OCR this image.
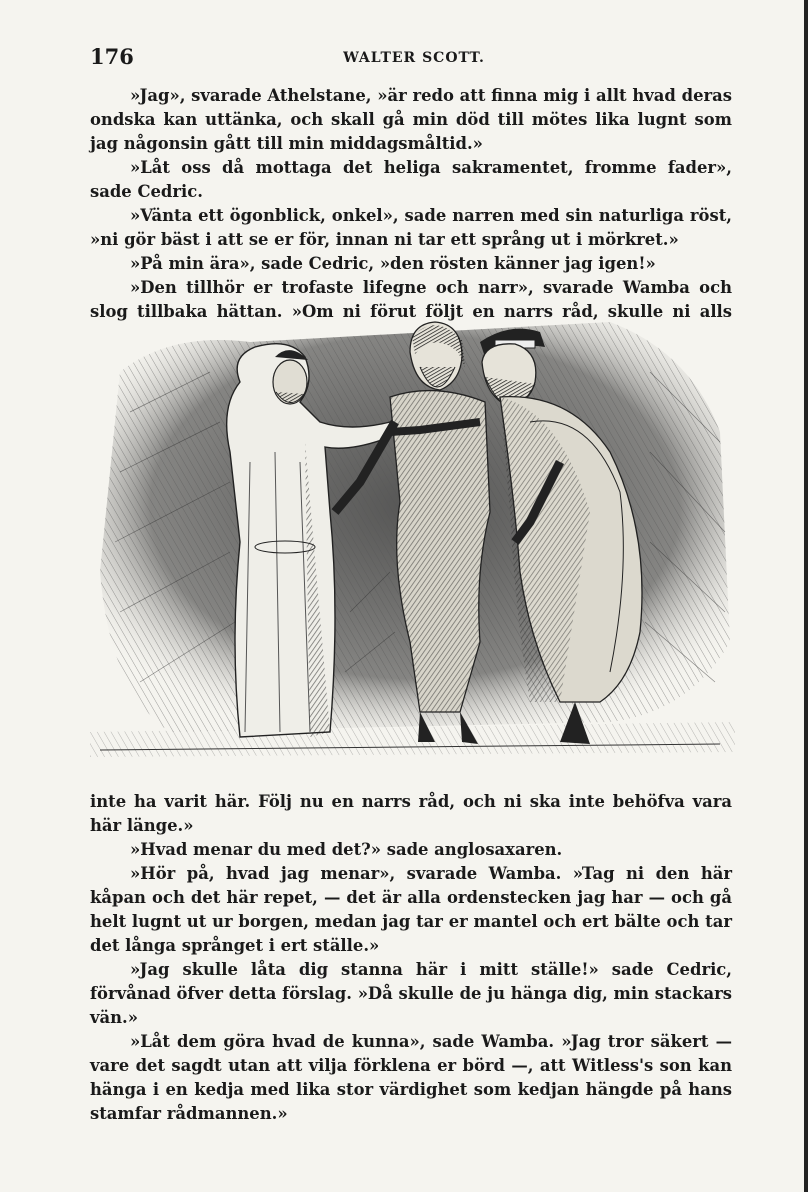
176	WALTER SCOTT.

»Jag», svarade Athelstane, »är redo att finna mig i allt hvad deras ondska kan uttänka, och skall gå min död till mötes lika lugnt som jag någonsin gått till min middagsmåltid.»

»Låt oss då mottaga det heliga sakramentet, fromme fader», sade Cedric.

»Vänta ett ögonblick, onkel», sade narren med sin naturliga röst, »ni gör bäst i att se er för, innan ni tar ett språng ut i mörkret.»

»På min ära», sade Cedric, »den rösten känner jag igen!»

»Den tillhör er trofaste lifegne och narr», svarade Wamba och slog tillbaka hättan. »Om ni förut följt en narrs råd, skulle ni alls

inte ha varit här. Följ nu en narrs råd, och ni ska inte behöfva vara här länge.»

»Hvad menar du med det?» sade anglosaxaren.

»Hör på, hvad jag menar», svarade Wamba. »Tag ni den här kåpan och det här repet, — det är alla ordenstecken jag har — och gå helt lugnt ut ur borgen, medan jag tar er mantel och ert bälte och tar det långa språnget i ert ställe.»

»Jag skulle låta dig stanna här i mitt ställe!» sade Cedric, förvånad öfver detta förslag. »Då skulle de ju hänga dig, min stackars vän.»

»Låt dem göra hvad de kunna», sade Wamba. »Jag tror säkert — vare det sagdt utan att vilja förklena er börd —, att Witless's son kan hänga i en kedja med lika stor värdighet som kedjan hängde på hans stamfar rådmannen.»
